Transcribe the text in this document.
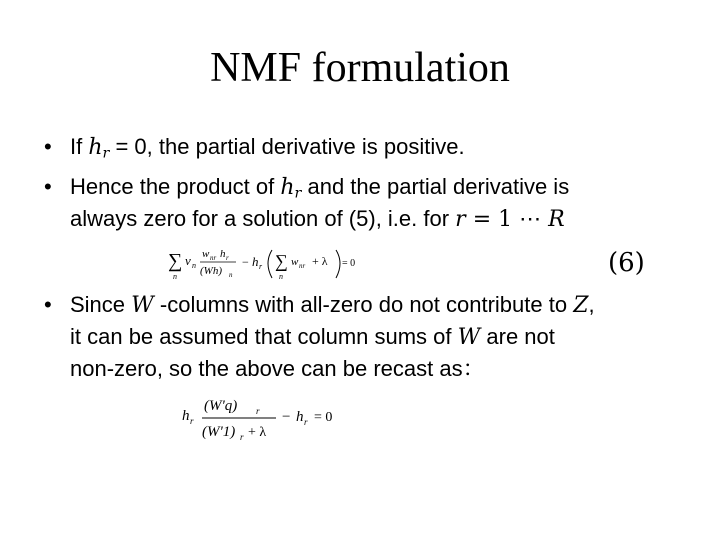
NMF formulation
• If $h_r = 0$, the partial derivative is positive.
• Hence the product of $h_r$ and the partial derivative is
always zero for a solution of (5), i.e. for r = 1 ⋯ R
∑
n
v n
w nr h r
(Wh) n
− h r ∑
n
w nr + λ = 0	(6)
• Since W -columns with all-zero do not contribute to Z,
it can be assumed that column sums of W are not
non-zero, so the above can be recast as：
h r
(W'q) r
(W'1) r + λ
− h r = 0
